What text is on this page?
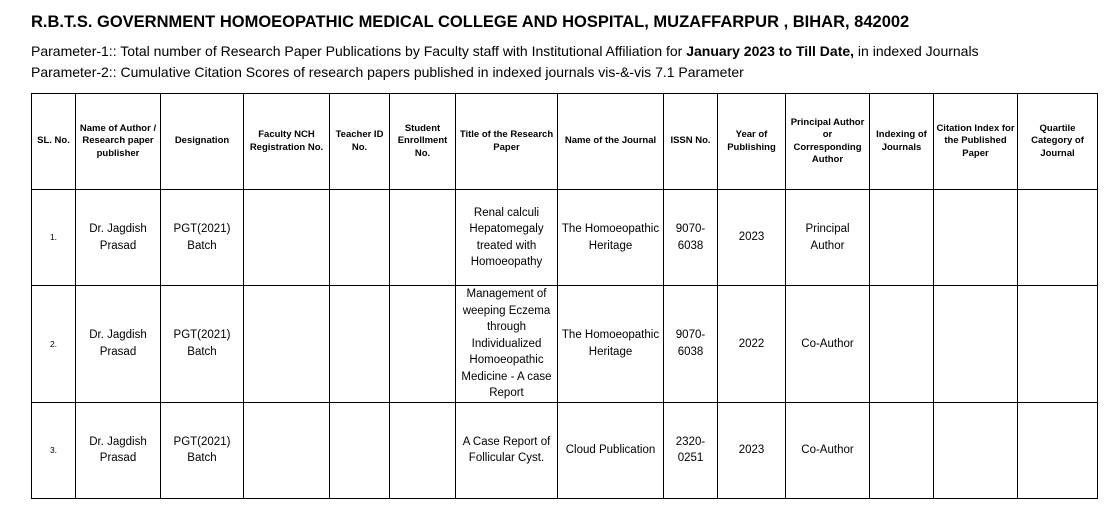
R.B.T.S. GOVERNMENT HOMOEOPATHIC MEDICAL COLLEGE AND HOSPITAL, MUZAFFARPUR , BIHAR, 842002
Parameter-1:: Total number of Research Paper Publications by Faculty staff with Institutional Affiliation for January 2023 to Till Date, in indexed Journals
Parameter-2:: Cumulative Citation Scores of research papers published in indexed journals vis-&-vis 7.1 Parameter
SL. No.	Name of Author / Research paper publisher	Designation	Faculty NCH Registration No.	Teacher ID No.	Student Enrollment No.	Title of the Research Paper	Name of the Journal	ISSN No.	Year of Publishing	Principal Author or Corresponding Author	Indexing of Journals	Citation Index for the Published Paper	Quartile Category of Journal
1.	Dr. Jagdish Prasad	PGT(2021) Batch				Renal calculi Hepatomegaly treated with Homoeopathy	The Homoeopathic Heritage	9070-6038	2023	Principal Author			
2.	Dr. Jagdish Prasad	PGT(2021) Batch				Management of weeping Eczema through Individualized Homoeopathic Medicine - A case Report	The Homoeopathic Heritage	9070-6038	2022	Co-Author			
3.	Dr. Jagdish Prasad	PGT(2021) Batch				A Case Report of Follicular Cyst.	Cloud Publication	2320-0251	2023	Co-Author			
